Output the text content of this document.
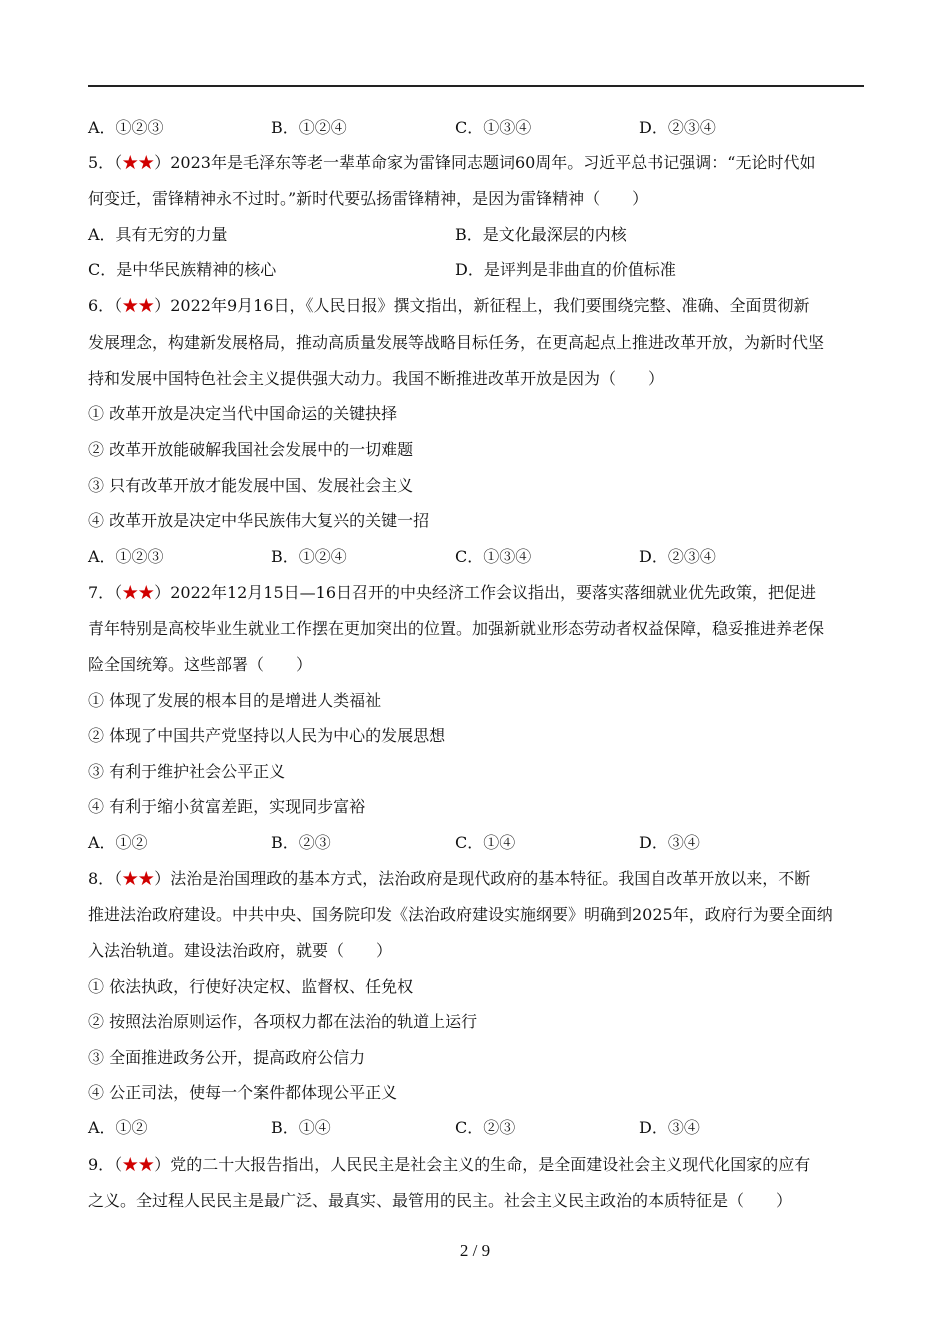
A．①②③	B．①②④	C．①③④	D．②③④
5．（★★）2023年是毛泽东等老一辈革命家为雷锋同志题词60周年。习近平总书记强调：“无论时代如
何变迁，雷锋精神永不过时。”新时代要弘扬雷锋精神，是因为雷锋精神（　　）
A．具有无穷的力量	B．是文化最深层的内核
C．是中华民族精神的核心	D．是评判是非曲直的价值标准
6．（★★）2022年9月16日，《人民日报》撰文指出，新征程上，我们要围绕完整、准确、全面贯彻新
发展理念，构建新发展格局，推动高质量发展等战略目标任务，在更高起点上推进改革开放，为新时代坚
持和发展中国特色社会主义提供强大动力。我国不断推进改革开放是因为（　　）
① 改革开放是决定当代中国命运的关键抉择
② 改革开放能破解我国社会发展中的一切难题
③ 只有改革开放才能发展中国、发展社会主义
④ 改革开放是决定中华民族伟大复兴的关键一招
A．①②③	B．①②④	C．①③④	D．②③④
7．（★★）2022年12月15日—16日召开的中央经济工作会议指出，要落实落细就业优先政策，把促进
青年特别是高校毕业生就业工作摆在更加突出的位置。加强新就业形态劳动者权益保障，稳妥推进养老保
险全国统筹。这些部署（　　）
① 体现了发展的根本目的是增进人类福祉
② 体现了中国共产党坚持以人民为中心的发展思想
③ 有利于维护社会公平正义
④ 有利于缩小贫富差距，实现同步富裕
A．①②	B．②③	C．①④	D．③④
8．（★★）法治是治国理政的基本方式，法治政府是现代政府的基本特征。我国自改革开放以来，不断
推进法治政府建设。中共中央、国务院印发《法治政府建设实施纲要》明确到2025年，政府行为要全面纳
入法治轨道。建设法治政府，就要（　　）
① 依法执政，行使好决定权、监督权、任免权
② 按照法治原则运作，各项权力都在法治的轨道上运行
③ 全面推进政务公开，提高政府公信力
④ 公正司法，使每一个案件都体现公平正义
A．①②	B．①④	C．②③	D．③④
9．（★★）党的二十大报告指出，人民民主是社会主义的生命，是全面建设社会主义现代化国家的应有
之义。全过程人民民主是最广泛、最真实、最管用的民主。社会主义民主政治的本质特征是（　　）
2 / 9
